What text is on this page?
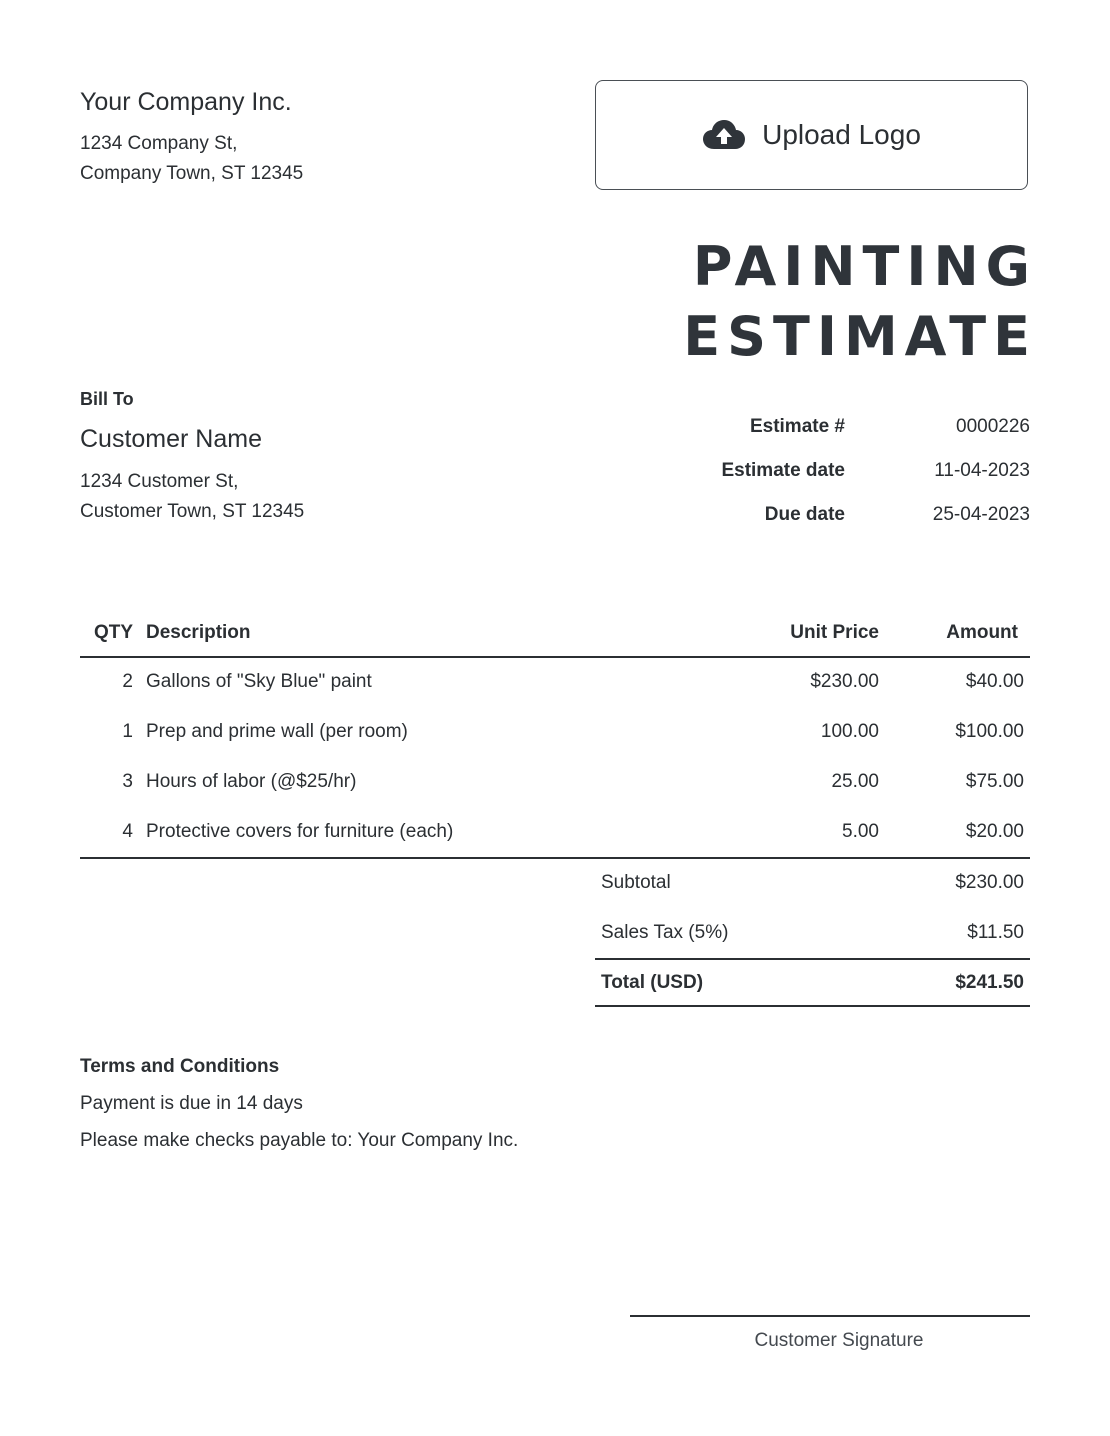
Your Company Inc.
1234 Company St,
Company Town, ST 12345
Upload Logo
PAINTING
ESTIMATE
Bill To
Customer Name
1234 Customer St,
Customer Town, ST 12345
Estimate #	0000226
Estimate date	11-04-2023
Due date	25-04-2023
QTY Description	Unit Price	Amount
2 Gallons of "Sky Blue" paint	$230.00	$40.00
1 Prep and prime wall (per room)	100.00	$100.00
3 Hours of labor (@$25/hr)	25.00	$75.00
4 Protective covers for furniture (each)	5.00	$20.00
Subtotal	$230.00
Sales Tax (5%)	$11.50
Total (USD)	$241.50
Terms and Conditions
Payment is due in 14 days
Please make checks payable to: Your Company Inc.
Customer Signature
